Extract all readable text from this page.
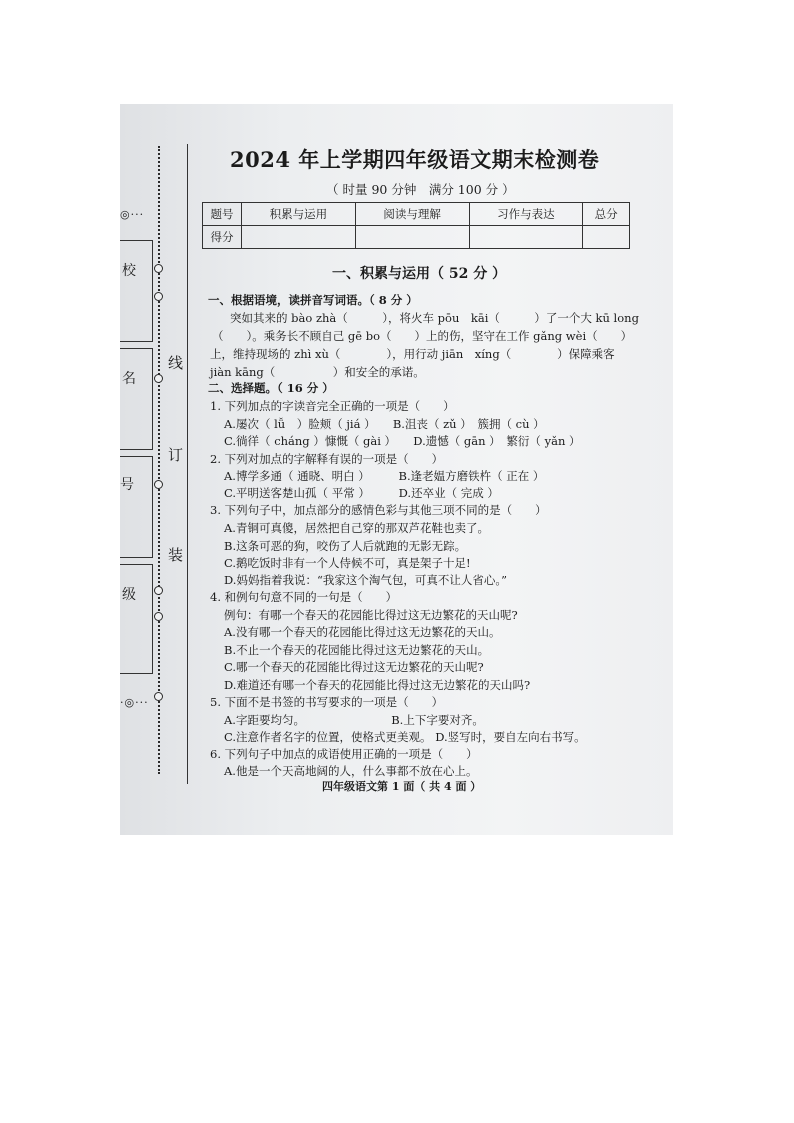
◎···
·◎···
校
名
号
级
线
订
装
2024 年上学期四年级语文期末检测卷
（ 时量 90 分钟　满分 100 分 ）
题号	积累与运用	阅读与理解	习作与表达	总分
得分				
一、积累与运用（ 52 分 ）
一、根据语境，读拼音写词语。（ 8 分 ）
突如其来的 bào zhà（　　　），将火车 pōu　kāi（　　　）了一个大 kū long
（　　）。乘务长不顾自己 gē bo（　　）上的伤，坚守在工作 gǎng wèi（　　）
上，维持现场的 zhì xù（　　　　），用行动 jiān　xíng（　　　　）保障乘客
jiàn kāng（　　　　　）和安全的承诺。
二、选择题。（ 16 分 ）
1. 下列加点的字读音完全正确的一项是（　　）
A.屡次（ lǚ　）脸颊（ jiá ）　　B.沮丧（ zǔ ）　簇拥（ cù ）
C.徜徉（ cháng ）慷慨（ gài ）　　D.遗憾（ gān ）　繁衍（ yǎn ）
2. 下列对加点的字解释有误的一项是（　　）
A.博学多通（ 通晓、明白 ）　　　B.逢老媪方磨铁杵（ 正在 ）
C.平明送客楚山孤（ 平常 ）　　　D.还卒业（ 完成 ）
3. 下列句子中，加点部分的感情色彩与其他三项不同的是（　　）
A.青铜可真傻，居然把自己穿的那双芦花鞋也卖了。
B.这条可恶的狗，咬伤了人后就跑的无影无踪。
C.鹅吃饭时非有一个人侍候不可，真是架子十足!
D.妈妈指着我说：“我家这个淘气包，可真不让人省心。”
4. 和例句句意不同的一句是（　　）
例句：有哪一个春天的花园能比得过这无边繁花的天山呢?
A.没有哪一个春天的花园能比得过这无边繁花的天山。
B.不止一个春天的花园能比得过这无边繁花的天山。
C.哪一个春天的花园能比得过这无边繁花的天山呢?
D.难道还有哪一个春天的花园能比得过这无边繁花的天山吗?
5. 下面不是书签的书写要求的一项是（　　）
A.字距要均匀。　　　　　　　　B.上下字要对齐。
C.注意作者名字的位置，使格式更美观。 D.竖写时，要自左向右书写。
6. 下列句子中加点的成语使用正确的一项是（　　）
A.他是一个天高地阔的人，什么事都不放在心上。
四年级语文第 1 面（ 共 4 面 ）
